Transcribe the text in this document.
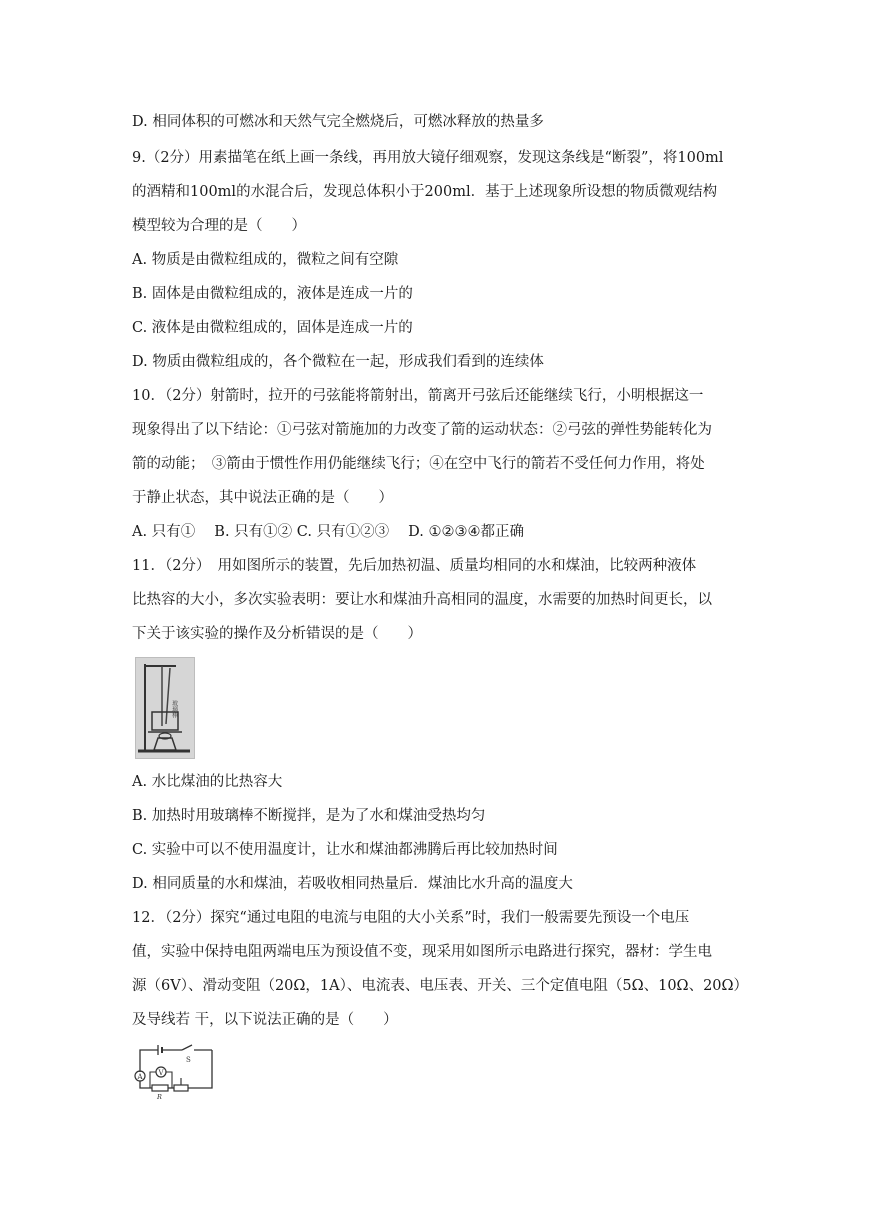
D. 相同体积的可燃冰和天然气完全燃烧后，可燃冰释放的热量多
9.（2分）用素描笔在纸上画一条线，再用放大镜仔细观察，发现这条线是“断裂”，将100ml
的酒精和100ml的水混合后，发现总体积小于200ml．基于上述现象所设想的物质微观结构
模型较为合理的是（　　）
A. 物质是由微粒组成的，微粒之间有空隙
B. 固体是由微粒组成的，液体是连成一片的
C. 液体是由微粒组成的，固体是连成一片的
D. 物质由微粒组成的，各个微粒在一起，形成我们看到的连续体
10．（2分）射箭时，拉开的弓弦能将箭射出，箭离开弓弦后还能继续飞行，小明根据这一
现象得出了以下结论：①弓弦对箭施加的力改变了箭的运动状态：②弓弦的弹性势能转化为
箭的动能；　③箭由于惯性作用仍能继续飞行；④在空中飞行的箭若不受任何力作用，将处
于静止状态，其中说法正确的是（　　）
A. 只有①　 B. 只有①② C. 只有①②③　 D. ①②③④都正确
11．（2分）　用如图所示的装置，先后加热初温、质量均相同的水和煤油，比较两种液体
比热容的大小，多次实验表明：要让水和煤油升高相同的温度，水需要的加热时间更长，以
下关于该实验的操作及分析错误的是（　　）
玻璃棒
A. 水比煤油的比热容大
B. 加热时用玻璃棒不断搅拌，是为了水和煤油受热均匀
C. 实验中可以不使用温度计，让水和煤油都沸腾后再比较加热时间
D. 相同质量的水和煤油，若吸收相同热量后．煤油比水升高的温度大
12．（2分）探究“通过电阻的电流与电阻的大小关系”时，我们一般需要先预设一个电压
值，实验中保持电阻两端电压为预设值不变，现采用如图所示电路进行探究，器材：学生电
源（6V）、滑动变阻（20Ω，1A）、电流表、电压表、开关、三个定值电阻（5Ω、10Ω、20Ω）
及导线若 干，以下说法正确的是（　　）
S
A
R
V
